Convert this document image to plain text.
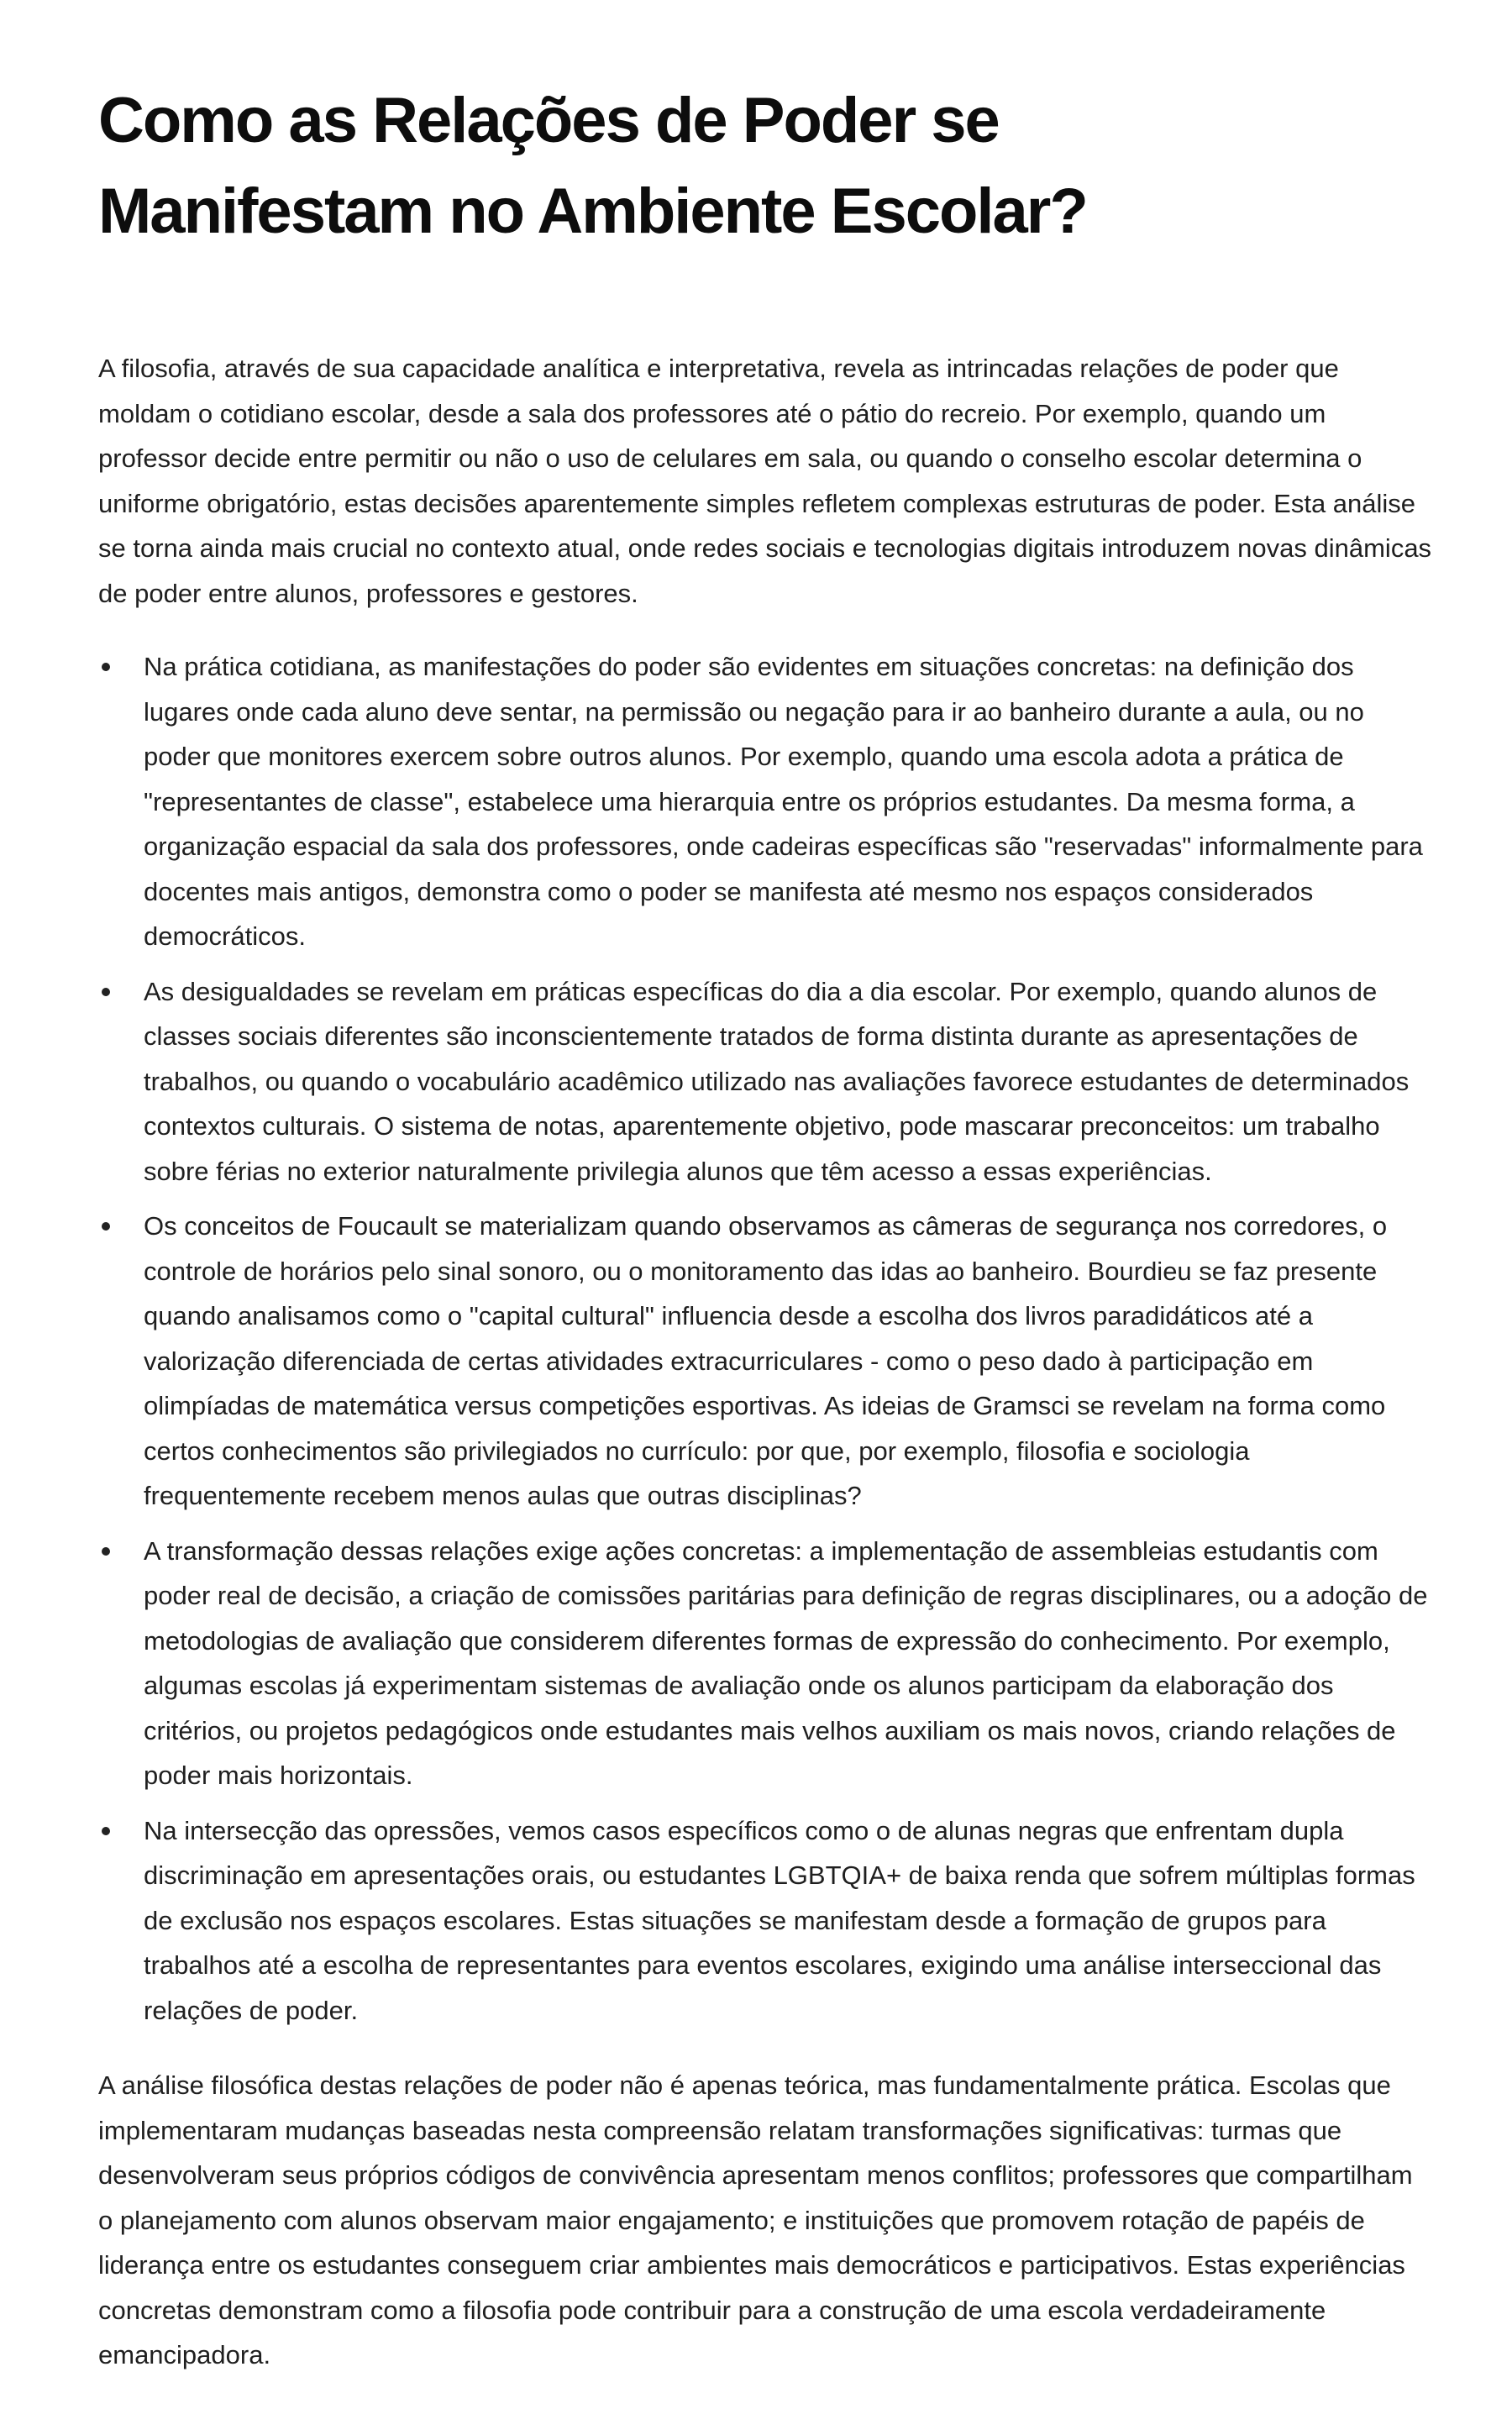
Como as Relações de Poder se Manifestam no Ambiente Escolar?

A filosofia, através de sua capacidade analítica e interpretativa, revela as intrincadas relações de poder que moldam o cotidiano escolar, desde a sala dos professores até o pátio do recreio. Por exemplo, quando um professor decide entre permitir ou não o uso de celulares em sala, ou quando o conselho escolar determina o uniforme obrigatório, estas decisões aparentemente simples refletem complexas estruturas de poder. Esta análise se torna ainda mais crucial no contexto atual, onde redes sociais e tecnologias digitais introduzem novas dinâmicas de poder entre alunos, professores e gestores.

Na prática cotidiana, as manifestações do poder são evidentes em situações concretas: na definição dos lugares onde cada aluno deve sentar, na permissão ou negação para ir ao banheiro durante a aula, ou no poder que monitores exercem sobre outros alunos. Por exemplo, quando uma escola adota a prática de "representantes de classe", estabelece uma hierarquia entre os próprios estudantes. Da mesma forma, a organização espacial da sala dos professores, onde cadeiras específicas são "reservadas" informalmente para docentes mais antigos, demonstra como o poder se manifesta até mesmo nos espaços considerados democráticos.
As desigualdades se revelam em práticas específicas do dia a dia escolar. Por exemplo, quando alunos de classes sociais diferentes são inconscientemente tratados de forma distinta durante as apresentações de trabalhos, ou quando o vocabulário acadêmico utilizado nas avaliações favorece estudantes de determinados contextos culturais. O sistema de notas, aparentemente objetivo, pode mascarar preconceitos: um trabalho sobre férias no exterior naturalmente privilegia alunos que têm acesso a essas experiências.
Os conceitos de Foucault se materializam quando observamos as câmeras de segurança nos corredores, o controle de horários pelo sinal sonoro, ou o monitoramento das idas ao banheiro. Bourdieu se faz presente quando analisamos como o "capital cultural" influencia desde a escolha dos livros paradidáticos até a valorização diferenciada de certas atividades extracurriculares - como o peso dado à participação em olimpíadas de matemática versus competições esportivas. As ideias de Gramsci se revelam na forma como certos conhecimentos são privilegiados no currículo: por que, por exemplo, filosofia e sociologia frequentemente recebem menos aulas que outras disciplinas?
A transformação dessas relações exige ações concretas: a implementação de assembleias estudantis com poder real de decisão, a criação de comissões paritárias para definição de regras disciplinares, ou a adoção de metodologias de avaliação que considerem diferentes formas de expressão do conhecimento. Por exemplo, algumas escolas já experimentam sistemas de avaliação onde os alunos participam da elaboração dos critérios, ou projetos pedagógicos onde estudantes mais velhos auxiliam os mais novos, criando relações de poder mais horizontais.
Na intersecção das opressões, vemos casos específicos como o de alunas negras que enfrentam dupla discriminação em apresentações orais, ou estudantes LGBTQIA+ de baixa renda que sofrem múltiplas formas de exclusão nos espaços escolares. Estas situações se manifestam desde a formação de grupos para trabalhos até a escolha de representantes para eventos escolares, exigindo uma análise interseccional das relações de poder.

A análise filosófica destas relações de poder não é apenas teórica, mas fundamentalmente prática. Escolas que implementaram mudanças baseadas nesta compreensão relatam transformações significativas: turmas que desenvolveram seus próprios códigos de convivência apresentam menos conflitos; professores que compartilham o planejamento com alunos observam maior engajamento; e instituições que promovem rotação de papéis de liderança entre os estudantes conseguem criar ambientes mais democráticos e participativos. Estas experiências concretas demonstram como a filosofia pode contribuir para a construção de uma escola verdadeiramente emancipadora.
